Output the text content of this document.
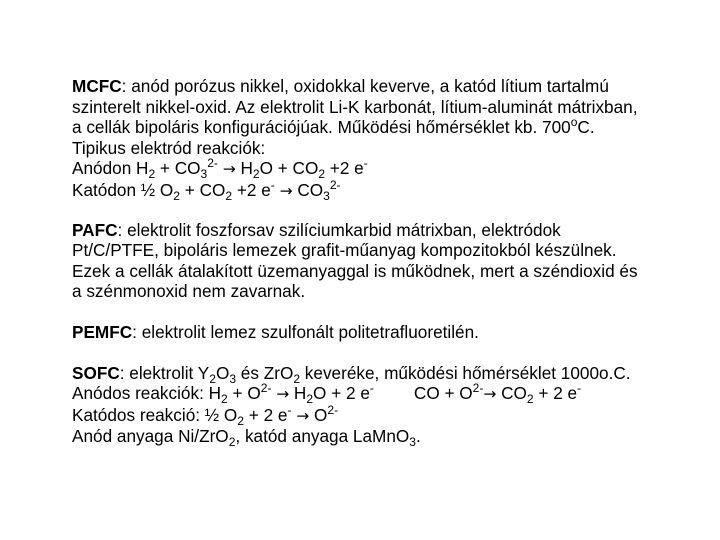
MCFC: anód porózus nikkel, oxidokkal keverve, a katód lítium tartalmú
szinterelt nikkel-oxid. Az elektrolit Li-K karbonát, lítium-aluminát mátrixban,
a cellák bipoláris konfigurációjúak. Működési hőmérséklet kb. 700$^o$C.
Tipikus elektród reakciók:
Anódon $H_2 + CO_3^{2-} \to H_2O + CO_2 +2$ e-
Katódon ½ $O_2 + CO_2 +2$ $e^- \to CO_3^{2-}$
PAFC: elektrolit foszforsav szilíciumkarbid mátrixban, elektródok
Pt/C/PTFE, bipoláris lemezek grafit-műanyag kompozitokból készülnek.
Ezek a cellák átalakított üzemanyaggal is működnek, mert a széndioxid és
a szénmonoxid nem zavarnak.
PEMFC: elektrolit lemez szulfonált politetrafluoretilén.
SOFC: elektrolit $Y_2O_3$ és ZrO$_2$ keveréke, működési hőmérséklet 1000o.C.
Anódos reakciók: $H_2 + O^{2-} \to H_2O + 2$ e- CO + $O^{2-}\to CO_2 + 2$ e-
Katódos reakció: ½ $O_2 + 2$ $e^- \to O^{2-}$
Anód anyaga Ni/ZrO$_2$, katód anyaga LaMnO$_3$.
